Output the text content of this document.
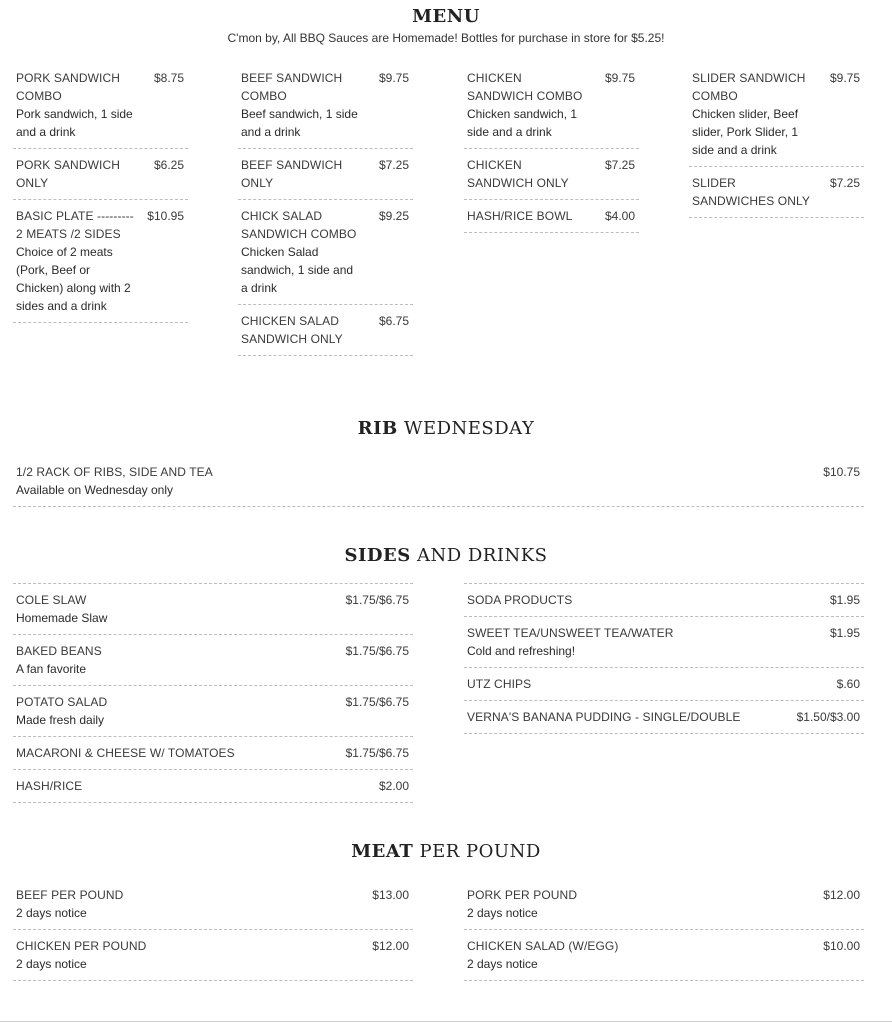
MENU
C'mon by, All BBQ Sauces are Homemade! Bottles for purchase in store for $5.25!
PORK SANDWICH COMBO
Pork sandwich, 1 side and a drink
$8.75
PORK SANDWICH ONLY
$6.25
BASIC PLATE --------- 2 MEATS /2 SIDES
Choice of 2 meats (Pork, Beef or Chicken) along with 2 sides and a drink
$10.95
BEEF SANDWICH COMBO
Beef sandwich, 1 side and a drink
$9.75
BEEF SANDWICH ONLY
$7.25
CHICK SALAD SANDWICH COMBO
Chicken Salad sandwich, 1 side and a drink
$9.25
CHICKEN SALAD SANDWICH ONLY
$6.75
CHICKEN SANDWICH COMBO
Chicken sandwich, 1 side and a drink
$9.75
CHICKEN SANDWICH ONLY
$7.25
HASH/RICE BOWL	$4.00
SLIDER SANDWICH COMBO
Chicken slider, Beef slider, Pork Slider, 1 side and a drink
$9.75
SLIDER SANDWICHES ONLY
$7.25
RIB WEDNESDAY
1/2 RACK OF RIBS, SIDE AND TEA
Available on Wednesday only
$10.75
SIDES AND DRINKS
COLE SLAW
Homemade Slaw
$1.75/$6.75
BAKED BEANS
A fan favorite
$1.75/$6.75
POTATO SALAD
Made fresh daily
$1.75/$6.75
MACARONI & CHEESE W/ TOMATOES	$1.75/$6.75
HASH/RICE	$2.00
SODA PRODUCTS	$1.95
SWEET TEA/UNSWEET TEA/WATER
Cold and refreshing!
$1.95
UTZ CHIPS	$.60
VERNA'S BANANA PUDDING - SINGLE/DOUBLE	$1.50/$3.00
MEAT PER POUND
BEEF PER POUND
2 days notice
$13.00
CHICKEN PER POUND
2 days notice
$12.00
PORK PER POUND
2 days notice
$12.00
CHICKEN SALAD (W/EGG)
2 days notice
$10.00
